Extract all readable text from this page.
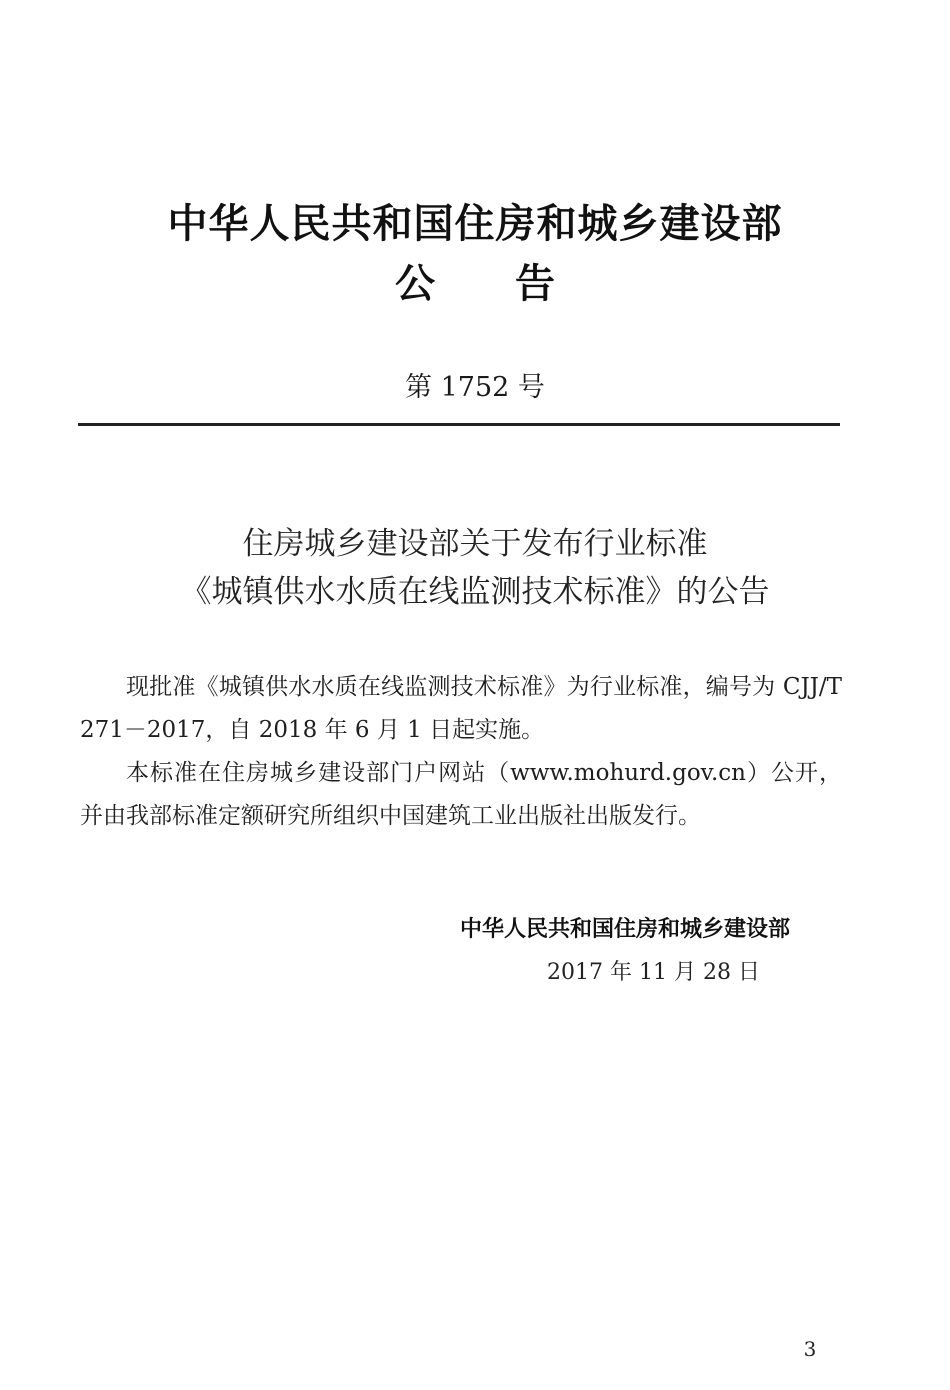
中华人民共和国住房和城乡建设部
公 告
第 1752 号
住房城乡建设部关于发布行业标准
《城镇供水水质在线监测技术标准》的公告

现批准《城镇供水水质在线监测技术标准》为行业标准，编号为 CJJ/T 271－2017，自 2018 年 6 月 1 日起实施。

本标准在住房城乡建设部门户网站（www.mohurd.gov.cn）公开，并由我部标准定额研究所组织中国建筑工业出版社出版发行。

中华人民共和国住房和城乡建设部
2017 年 11 月 28 日
3
